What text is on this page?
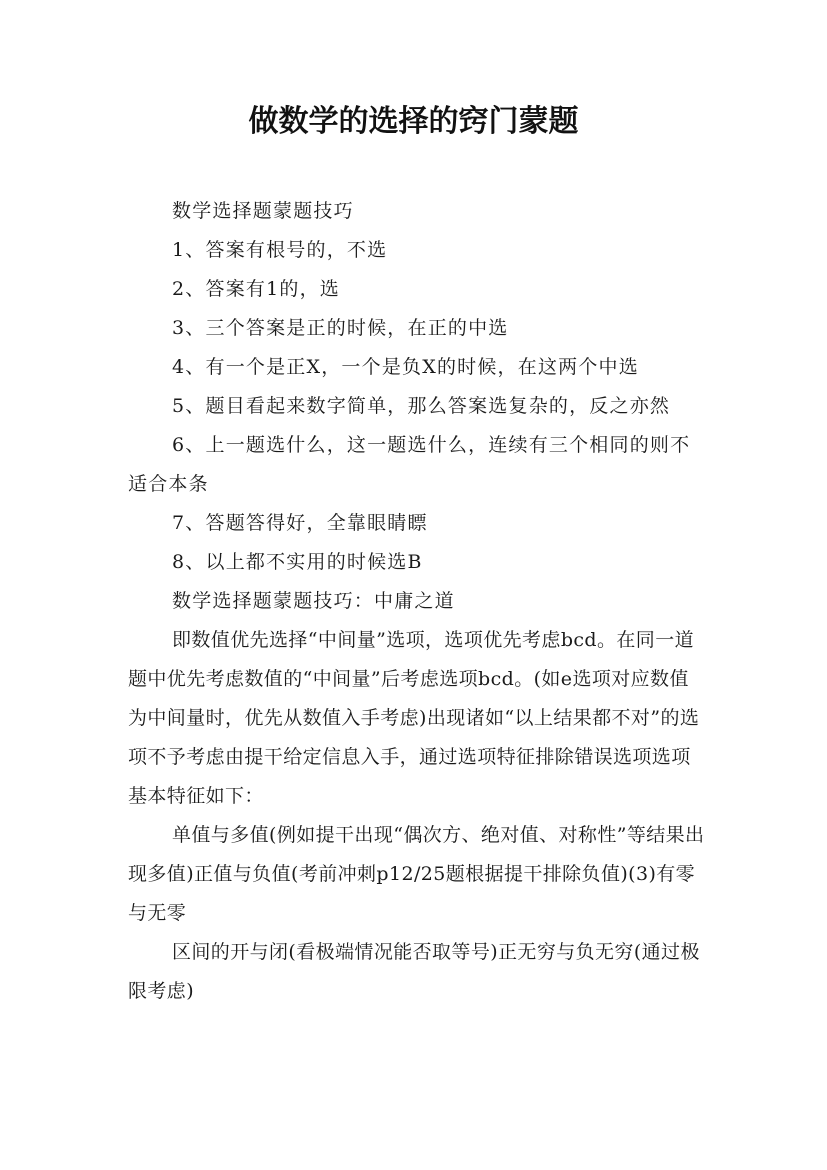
做数学的选择的窍门蒙题

数学选择题蒙题技巧

1、答案有根号的，不选

2、答案有1的，选

3、三个答案是正的时候，在正的中选

4、有一个是正X，一个是负X的时候，在这两个中选

5、题目看起来数字简单，那么答案选复杂的，反之亦然

6、上一题选什么，这一题选什么，连续有三个相同的则不适合本条

7、答题答得好，全靠眼睛瞟

8、以上都不实用的时候选B

数学选择题蒙题技巧：中庸之道

即数值优先选择“中间量”选项，选项优先考虑bcd。在同一道题中优先考虑数值的“中间量”后考虑选项bcd。(如e选项对应数值为中间量时，优先从数值入手考虑)出现诸如“以上结果都不对”的选项不予考虑由提干给定信息入手，通过选项特征排除错误选项选项基本特征如下：

单值与多值(例如提干出现“偶次方、绝对值、对称性”等结果出现多值)正值与负值(考前冲刺p12/25题根据提干排除负值)(3)有零与无零

区间的开与闭(看极端情况能否取等号)正无穷与负无穷(通过极限考虑)
